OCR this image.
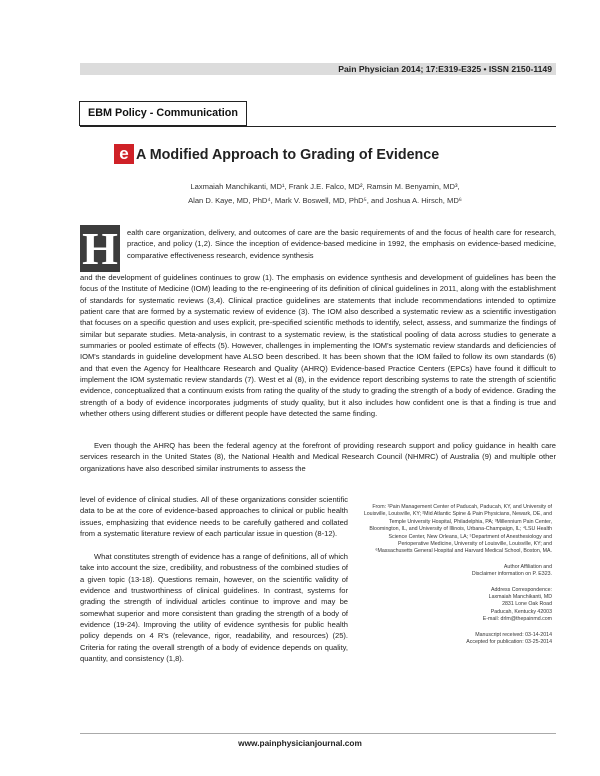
Pain Physician 2014; 17:E319-E325 • ISSN 2150-1149
EBM Policy - Communication
e A Modified Approach to Grading of Evidence
Laxmaiah Manchikanti, MD¹, Frank J.E. Falco, MD², Ramsin M. Benyamin, MD³,
Alan D. Kaye, MD, PhD⁴, Mark V. Boswell, MD, PhD⁵, and Joshua A. Hirsch, MD⁶
H ealth care organization, delivery, and outcomes of care are the basic requirements of and the focus of health care for research, practice, and policy (1,2). Since the inception of evidence-based medicine in 1992, the emphasis on evidence-based medicine, comparative effectiveness research, evidence synthesis
and the development of guidelines continues to grow (1). The emphasis on evidence synthesis and development of guidelines has been the focus of the Institute of Medicine (IOM) leading to the re-engineering of its definition of clinical guidelines in 2011, along with the establishment of standards for systematic reviews (3,4). Clinical practice guidelines are statements that include recommendations intended to optimize patient care that are formed by a systematic review of evidence (3). The IOM also described a systematic review as a scientific investigation that focuses on a specific question and uses explicit, pre-specified scientific methods to identify, select, assess, and summarize the findings of similar but separate studies. Meta-analysis, in contrast to a systematic review, is the statistical pooling of data across studies to generate a summaries or pooled estimate of effects (5). However, challenges in implementing the IOM's systematic review standards and deficiencies of IOM's standards in guideline development have ALSO been described. It has been shown that the IOM failed to follow its own standards (6) and that even the Agency for Healthcare Research and Quality (AHRQ) Evidence-based Practice Centers (EPCs) have found it difficult to implement the IOM systematic review standards (7). West et al (8), in the evidence report describing systems to rate the strength of scientific evidence, conceptualized that a continuum exists from rating the quality of the study to grading the strength of a body of evidence. Grading the strength of a body of evidence incorporates judgments of study quality, but it also includes how confident one is that a finding is true and whether others using different studies or different people have detected the same finding.
Even though the AHRQ has been the federal agency at the forefront of providing research support and policy guidance in health care services research in the United States (8), the National Health and Medical Research Council (NHMRC) of Australia (9) and multiple other organizations have also described similar instruments to assess the
level of evidence of clinical studies. All of these organizations consider scientific data to be at the core of evidence-based approaches to clinical or public health issues, emphasizing that evidence needs to be carefully gathered and collated from a systematic literature review of each particular issue in question (8-12).
What constitutes strength of evidence has a range of definitions, all of which take into account the size, credibility, and robustness of the combined studies of a given topic (13-18). Questions remain, however, on the scientific validity of evidence and trustworthiness of clinical guidelines. In contrast, systems for grading the strength of individual articles continue to improve and may be somewhat superior and more consistent than grading the strength of a body of evidence (19-24). Improving the utility of evidence synthesis for public health policy depends on 4 R's (relevance, rigor, readability, and resources) (25). Criteria for rating the overall strength of a body of evidence depends on quality, quantity, and consistency (1,8).
From: ¹Pain Management Center of Paducah, Paducah, KY, and University of Louisville, Louisville, KY; ²Mid Atlantic Spine & Pain Physicians, Newark, DE, and Temple University Hospital, Philadelphia, PA; ³Millennium Pain Center, Bloomington, IL, and University of Illinois, Urbana-Champaign, IL; ⁴LSU Health Science Center, New Orleans, LA; ⁵Department of Anesthesiology and Perioperative Medicine, University of Louisville, Louisville, KY; and ⁶Massachusetts General Hospital and Harvard Medical School, Boston, MA.
Author Affiliation and
Disclaimer information on P. E323.
Address Correspondence:
Laxmaiah Manchikanti, MD
2831 Lone Oak Road
Paducah, Kentucky 42003
E-mail: drlm@thepainmd.com
Manuscript received: 03-14-2014
Accepted for publication: 03-25-2014
www.painphysicianjournal.com
